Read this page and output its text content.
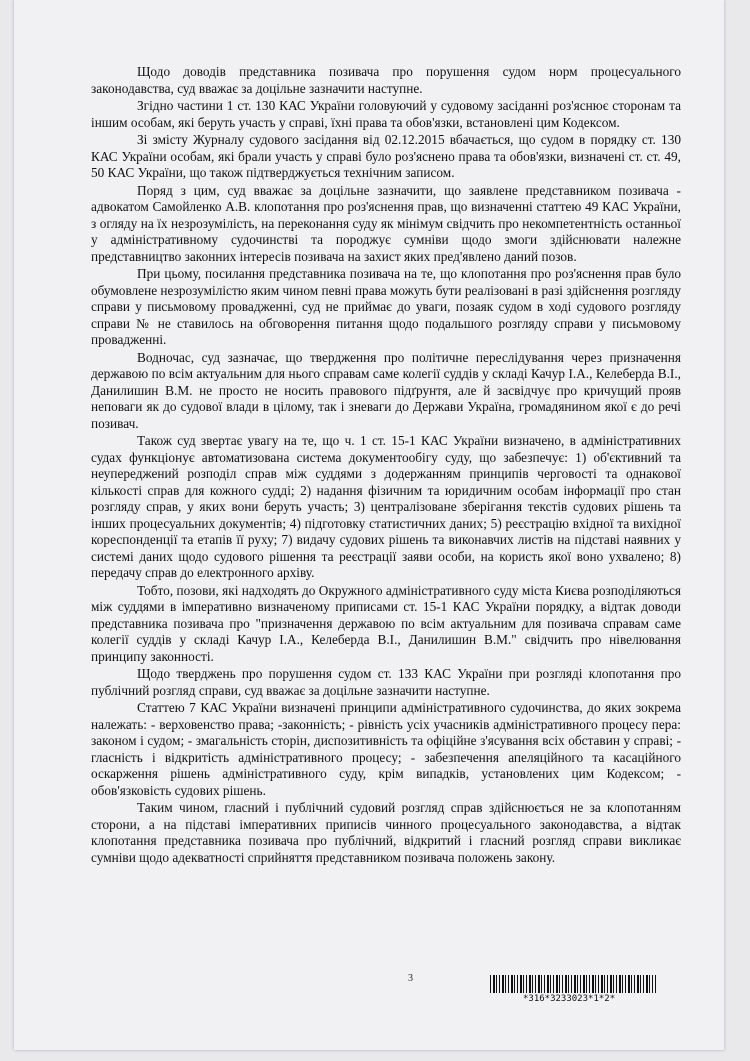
Щодо доводів представника позивача про порушення судом норм процесуального законодавства, суд вважає за доцільне зазначити наступне.

Згідно частини 1 ст. 130 КАС України головуючий у судовому засіданні роз'яснює сторонам та іншим особам, які беруть участь у справі, їхні права та обов'язки, встановлені цим Кодексом.

Зі змісту Журналу судового засідання від 02.12.2015 вбачається, що судом в порядку ст. 130 КАС України особам, які брали участь у справі було роз'яснено права та обов'язки, визначені ст. ст. 49, 50 КАС України, що також підтверджується технічним записом.

Поряд з цим, суд вважає за доцільне зазначити, що заявлене представником позивача - адвокатом Самойленко А.В. клопотання про роз'яснення прав, що визначенні статтею 49 КАС України, з огляду на їх незрозумілість, на переконання суду як мінімум свідчить про некомпетентність останньої у адміністративному судочинстві та породжує сумніви щодо змоги здійснювати належне представництво законних інтересів позивача на захист яких пред'явлено даний позов.

При цьому, посилання представника позивача на те, що клопотання про роз'яснення прав було обумовлене незрозумілістю яким чином певні права можуть бути реалізовані в разі здійснення розгляду справи у письмовому провадженні, суд не приймає до уваги, позаяк судом в ході судового розгляду справи № не ставилось на обговорення питання щодо подальшого розгляду справи у письмовому провадженні.

Водночас, суд зазначає, що твердження про політичне переслідування через призначення державою по всім актуальним для нього справам саме колегії суддів у складі Качур І.А., Келеберда В.І., Данилишин В.М. не просто не носить правового підґрунтя, але й засвідчує про кричущий прояв неповаги як до судової влади в цілому, так і зневаги до Держави Україна, громадянином якої є до речі позивач.

Також суд звертає увагу на те, що ч. 1 ст. 15-1 КАС України визначено, в адміністративних судах функціонує автоматизована система документообігу суду, що забезпечує: 1) об'єктивний та неупереджений розподіл справ між суддями з додержанням принципів черговості та однакової кількості справ для кожного судді; 2) надання фізичним та юридичним особам інформації про стан розгляду справ, у яких вони беруть участь; 3) централізоване зберігання текстів судових рішень та інших процесуальних документів; 4) підготовку статистичних даних; 5) реєстрацію вхідної та вихідної кореспонденції та етапів її руху; 7) видачу судових рішень та виконавчих листів на підставі наявних у системі даних щодо судового рішення та реєстрації заяви особи, на користь якої воно ухвалено; 8) передачу справ до електронного архіву.

Тобто, позови, які надходять до Окружного адміністративного суду міста Києва розподіляються між суддями в імперативно визначеному приписами ст. 15-1 КАС України порядку, а відтак доводи представника позивача про "призначення державою по всім актуальним для позивача справам саме колегії суддів у складі Качур І.А., Келеберда В.І., Данилишин В.М." свідчить про нівелювання принципу законності.

Щодо тверджень про порушення судом ст. 133 КАС України при розгляді клопотання про публічний розгляд справи, суд вважає за доцільне зазначити наступне.

Статтею 7 КАС України визначені принципи адміністративного судочинства, до яких зокрема належать: - верховенство права; -законність; - рівність усіх учасників адміністративного процесу пера: законом і судом; - змагальність сторін, диспозитивність та офіційне з'ясування всіх обставин у справі; - гласність і відкритість адміністративного процесу; - забезпечення апеляційного та касаційного оскарження рішень адміністративного суду, крім випадків, установлених цим Кодексом; - обов'язковість судових рішень.

Таким чином, гласний і публічний судовий розгляд справ здійснюється не за клопотанням сторони, а на підставі імперативних приписів чинного процесуального законодавства, а відтак клопотання представника позивача про публічний, відкритий і гласний розгляд справи викликає сумніви щодо адекватності сприйняття представником позивача положень закону.

3
*316*3233023*1*2*
